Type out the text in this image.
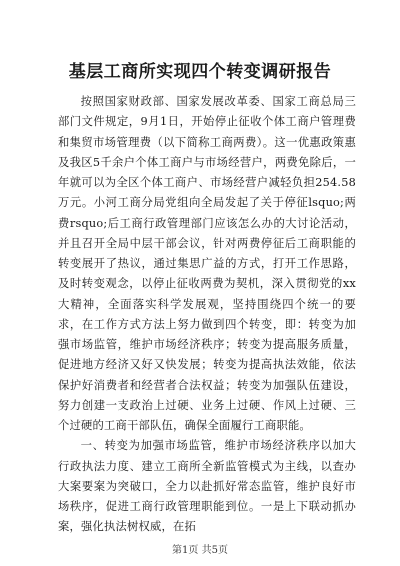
基层工商所实现四个转变调研报告

按照国家财政部、国家发展改革委、国家工商总局三部门文件规定，9月1日，开始停止征收个体工商户管理费和集贸市场管理费（以下简称工商两费）。这一优惠政策惠及我区5千余户个体工商户与市场经营户，两费免除后，一年就可以为全区个体工商户、市场经营户减轻负担254.58万元。小河工商分局党组向全局发起了关于停征lsquo;两费rsquo;后工商行政管理部门应该怎么办的大讨论活动，并且召开全局中层干部会议，针对两费停征后工商职能的转变展开了热议，通过集思广益的方式，打开工作思路，及时转变观念，以停止征收两费为契机，深入贯彻党的xx大精神，全面落实科学发展观，坚持围绕四个统一的要求，在工作方式方法上努力做到四个转变，即：转变为加强市场监管，维护市场经济秩序；转变为提高服务质量，促进地方经济又好又快发展；转变为提高执法效能，依法保护好消费者和经营者合法权益；转变为加强队伍建设，努力创建一支政治上过硬、业务上过硬、作风上过硬、三个过硬的工商干部队伍，确保全面履行工商职能。

一、转变为加强市场监管，维护市场经济秩序以加大行政执法力度、建立工商所全新监管模式为主线，以查办大案要案为突破口，全力以赴抓好常态监管，维护良好市场秩序，促进工商行政管理职能到位。一是上下联动抓办案，强化执法树权威，在拓

第1页 共5页
